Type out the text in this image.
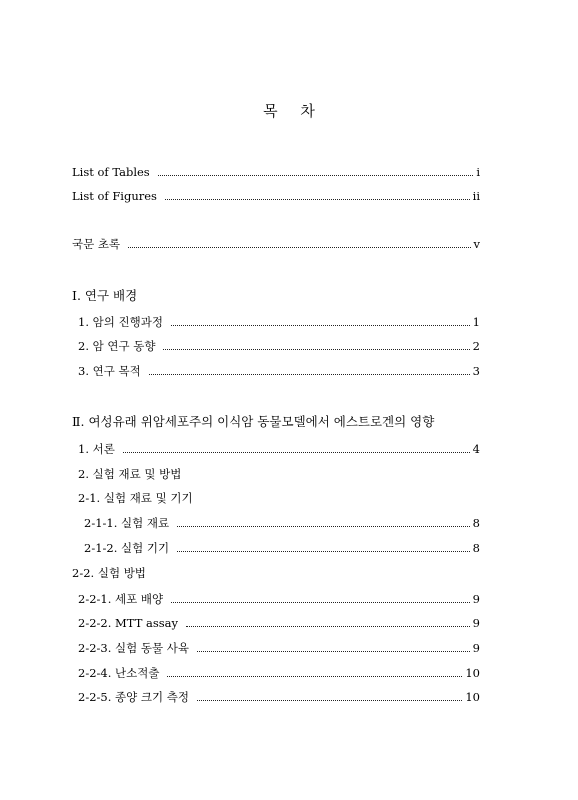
목 차
List of Tables	i
List of Figures	ii
국문 초록	v
I. 연구 배경
1. 암의 진행과정	1
2. 암 연구 동향	2
3. 연구 목적	3
Ⅱ. 여성유래 위암세포주의 이식암 동물모델에서 에스트로겐의 영향
1. 서론	4
2. 실험 재료 및 방법
2-1. 실험 재료 및 기기
2-1-1. 실험 재료	8
2-1-2. 실험 기기	8
2-2. 실험 방법
2-2-1. 세포 배양	9
2-2-2. MTT assay	9
2-2-3. 실험 동물 사육	9
2-2-4. 난소적출	10
2-2-5. 종양 크기 측정	10
